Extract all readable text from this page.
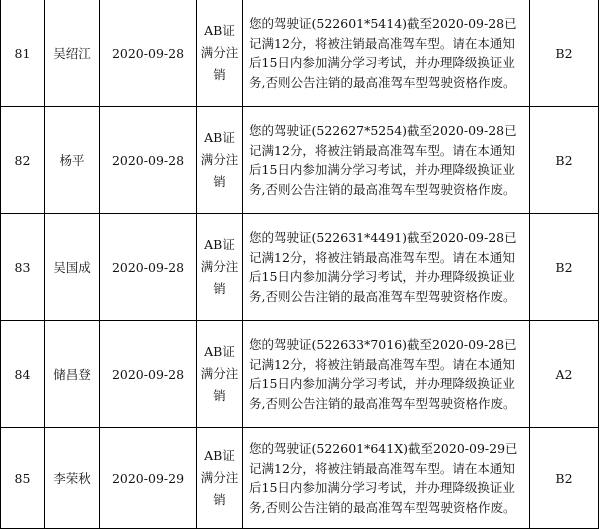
81	吴绍江	2020-09-28	AB证满分注销	您的驾驶证(522601*5414)截至2020-09-28已记满12分，将被注销最高准驾车型。请在本通知后15日内参加满分学习考试，并办理降级换证业务,否则公告注销的最高准驾车型驾驶资格作废。	B2
82	杨平	2020-09-28	AB证满分注销	您的驾驶证(522627*5254)截至2020-09-28已记满12分，将被注销最高准驾车型。请在本通知后15日内参加满分学习考试，并办理降级换证业务,否则公告注销的最高准驾车型驾驶资格作废。	B2
83	吴国成	2020-09-28	AB证满分注销	您的驾驶证(522631*4491)截至2020-09-28已记满12分，将被注销最高准驾车型。请在本通知后15日内参加满分学习考试，并办理降级换证业务,否则公告注销的最高准驾车型驾驶资格作废。	B2
84	储昌登	2020-09-28	AB证满分注销	您的驾驶证(522633*7016)截至2020-09-28已记满12分，将被注销最高准驾车型。请在本通知后15日内参加满分学习考试，并办理降级换证业务,否则公告注销的最高准驾车型驾驶资格作废。	A2
85	李荣秋	2020-09-29	AB证满分注销	您的驾驶证(522601*641X)截至2020-09-29已记满12分，将被注销最高准驾车型。请在本通知后15日内参加满分学习考试，并办理降级换证业务,否则公告注销的最高准驾车型驾驶资格作废。	B2
